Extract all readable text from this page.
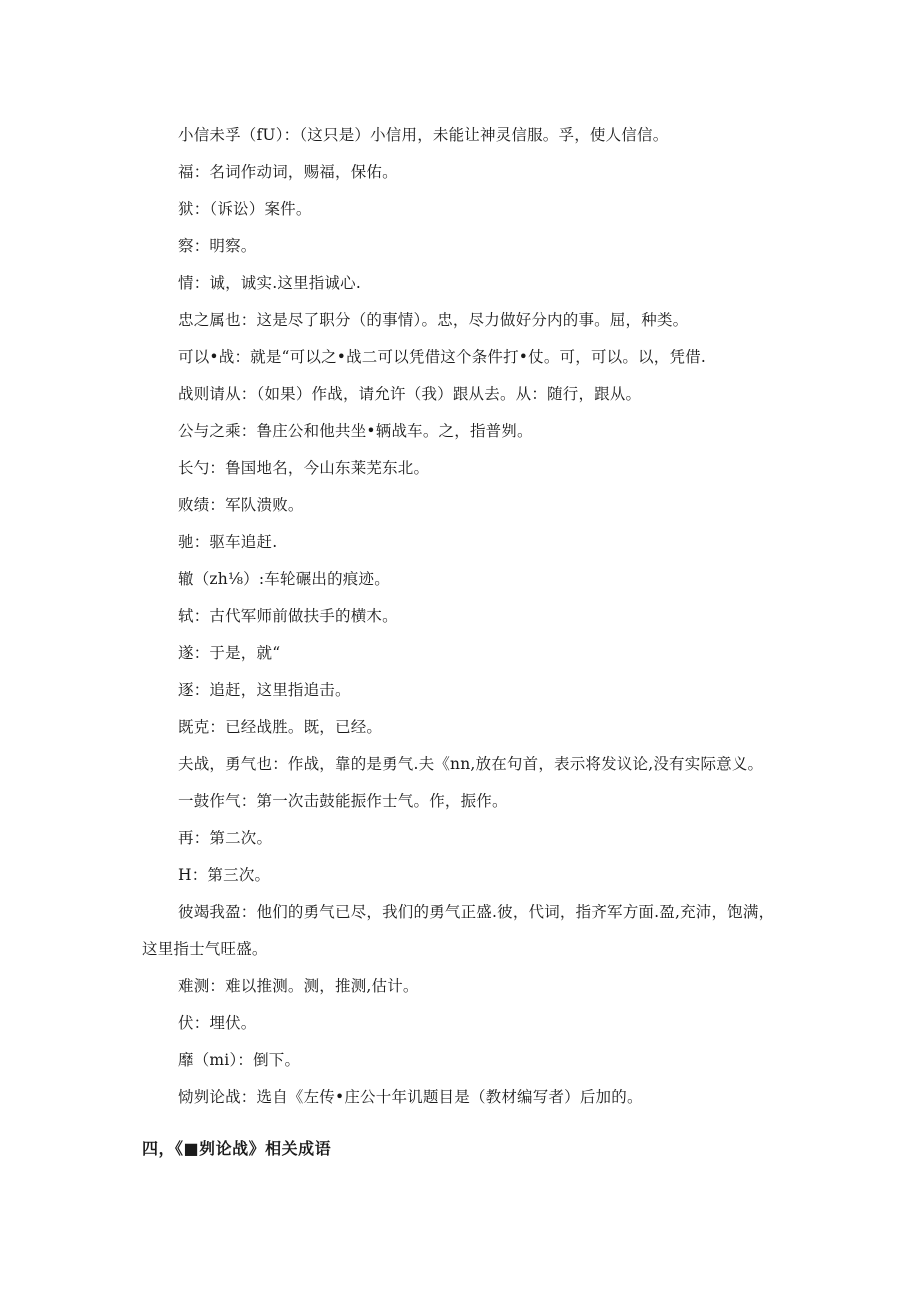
小信未孚（fU）：（这只是）小信用，未能让神灵信服。孚，使人信信。

福：名词作动词，赐福，保佑。

狱：（诉讼）案件。

察：明察。

情：诚，诚实.这里指诚心.

忠之属也：这是尽了职分（的事情）。忠，尽力做好分内的事。屈，种类。

可以•战：就是“可以之•战二可以凭借这个条件打•仗。可，可以。以，凭借.

战则请从：（如果）作战，请允许（我）跟从去。从：随行，跟从。

公与之乘：鲁庄公和他共坐•辆战车。之，指普刿。

长勺：鲁国地名，今山东莱芜东北。

败绩：军队溃败。

驰：驱车追赶.

辙（zh⅛）:车轮碾出的痕迹。

轼：古代军师前做扶手的横木。

遂：于是，就“

逐：追赶，这里指追击。

既克：已经战胜。既，已经。

夫战，勇气也：作战，靠的是勇气.夫《nn,放在句首，表示将发议论,没有实际意义。

一鼓作气：第一次击鼓能振作士气。作，振作。

再：第二次。

H：第三次。

彼竭我盈：他们的勇气已尽，我们的勇气正盛.彼，代词，指齐军方面.盈,充沛，饱满，这里指士气旺盛。

难测：难以推测。测，推测,估计。

伏：埋伏。

靡（mi）：倒下。

恸刿论战：选自《左传•庄公十年讥题目是（教材编写者）后加的。

四，《■刿论战》相关成语
